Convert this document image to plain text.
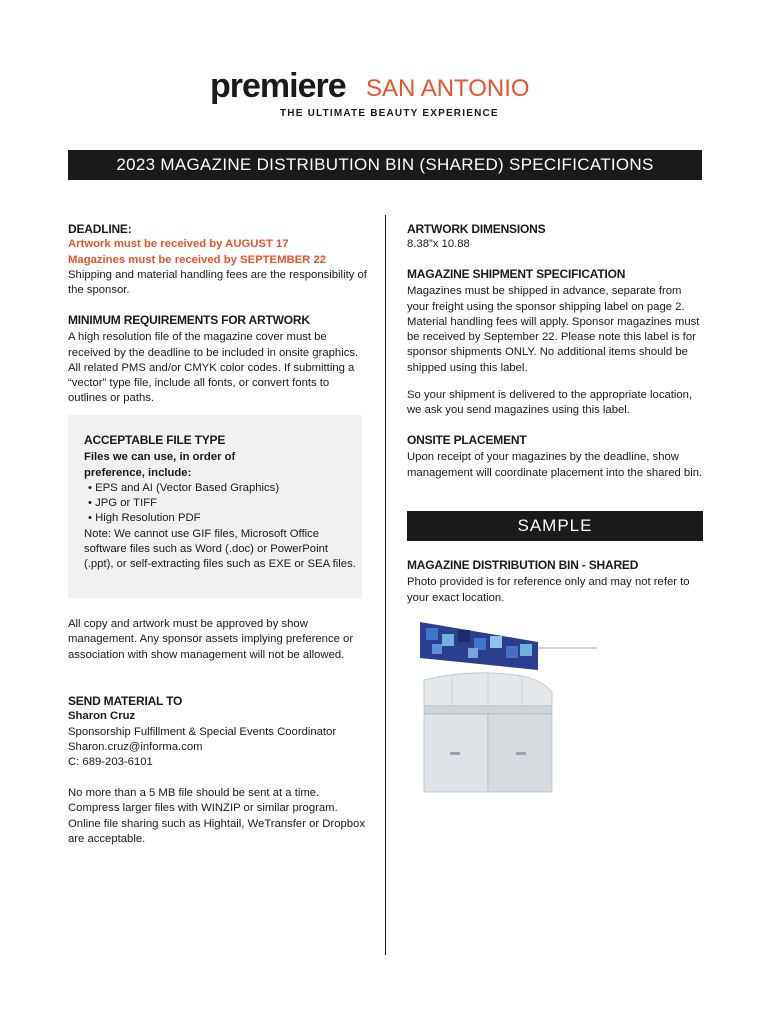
premiere SAN ANTONIO
THE ULTIMATE BEAUTY EXPERIENCE
2023 MAGAZINE DISTRIBUTION BIN (SHARED) SPECIFICATIONS
DEADLINE:

Artwork must be received by AUGUST 17

Magazines must be received by SEPTEMBER 22

Shipping and material handling fees are the responsibility of the sponsor.

MINIMUM REQUIREMENTS FOR ARTWORK

A high resolution file of the magazine cover must be received by the deadline to be included in onsite graphics. All related PMS and/or CMYK color codes. If submitting a “vector” type file, include all fonts, or convert fonts to outlines or paths.

ACCEPTABLE FILE TYPE

Files we can use, in order of preference, include:

• EPS and AI (Vector Based Graphics)
• JPG or TIFF
• High Resolution PDF

Note: We cannot use GIF files, Microsoft Office software files such as Word (.doc) or PowerPoint (.ppt), or self-extracting files such as EXE or SEA files.

All copy and artwork must be approved by show management. Any sponsor assets implying preference or association with show management will not be allowed.

SEND MATERIAL TO

Sharon Cruz

Sponsorship Fulfillment & Special Events Coordinator

Sharon.cruz@informa.com

C: 689-203-6101

No more than a 5 MB file should be sent at a time. Compress larger files with WINZIP or similar program. Online file sharing such as Hightail, WeTransfer or Dropbox are acceptable.

ARTWORK DIMENSIONS

8.38”x 10.88

MAGAZINE SHIPMENT SPECIFICATION

Magazines must be shipped in advance, separate from your freight using the sponsor shipping label on page 2. Material handling fees will apply. Sponsor magazines must be received by September 22. Please note this label is for sponsor shipments ONLY. No additional items should be shipped using this label.

So your shipment is delivered to the appropriate location, we ask you send magazines using this label.

ONSITE PLACEMENT

Upon receipt of your magazines by the deadline, show management will coordinate placement into the shared bin.

SAMPLE
MAGAZINE DISTRIBUTION BIN - SHARED

Photo provided is for reference only and may not refer to your exact location.
